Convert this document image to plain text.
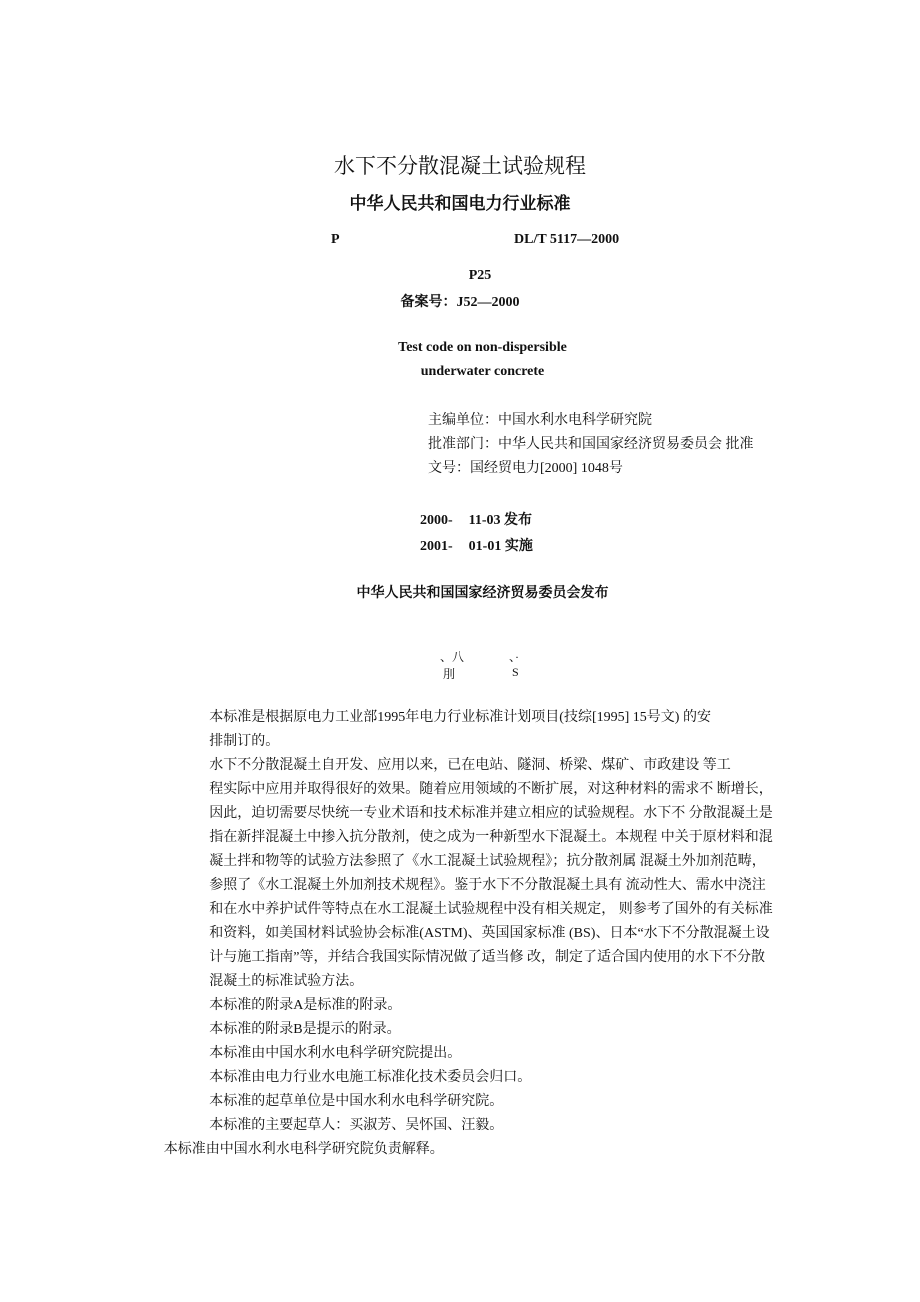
水下不分散混凝土试验规程
中华人民共和国电力行业标准
P	DL/T 5117—2000
P25
备案号：J52—2000
Test code on non-dispersible
underwater concrete
主编单位：中国水利水电科学研究院
批准部门：中华人民共和国国家经济贸易委员会 批准
文号：国经贸电力[2000] 1048号
2000- 11-03 发布
2001- 01-01 实施
中华人民共和国国家经济贸易委员会发布
、八	、·
刖	S

本标准是根据原电力工业部1995年电力行业标准计划项目(技综[1995] 15号文) 的安
排制订的。

水下不分散混凝土自开发、应用以来，已在电站、隧洞、桥梁、煤矿、市政建设 等工
程实际中应用并取得很好的效果。随着应用领域的不断扩展，对这种材料的需求不 断增长，
因此，迫切需要尽快统一专业术语和技术标准并建立相应的试验规程。水下不 分散混凝土是
指在新拌混凝土中掺入抗分散剂，使之成为一种新型水下混凝土。本规程 中关于原材料和混
凝土拌和物等的试验方法参照了《水工混凝土试验规程》；抗分散剂属 混凝土外加剂范畴，
参照了《水工混凝土外加剂技术规程》。鉴于水下不分散混凝土具有 流动性大、需水中浇注
和在水中养护试件等特点在水工混凝土试验规程中没有相关规定， 则参考了国外的有关标准
和资料，如美国材料试验协会标准(ASTM)、英国国家标准 (BS)、日本“水下不分散混凝土设
计与施工指南”等，并结合我国实际情况做了适当修 改，制定了适合国内使用的水下不分散
混凝土的标准试验方法。

本标准的附录A是标准的附录。

本标准的附录B是提示的附录。

本标准由中国水利水电科学研究院提出。

本标准由电力行业水电施工标准化技术委员会归口。

本标准的起草单位是中国水利水电科学研究院。

本标准的主要起草人：买淑芳、吴怀国、汪毅。

本标准由中国水利水电科学研究院负责解释。
